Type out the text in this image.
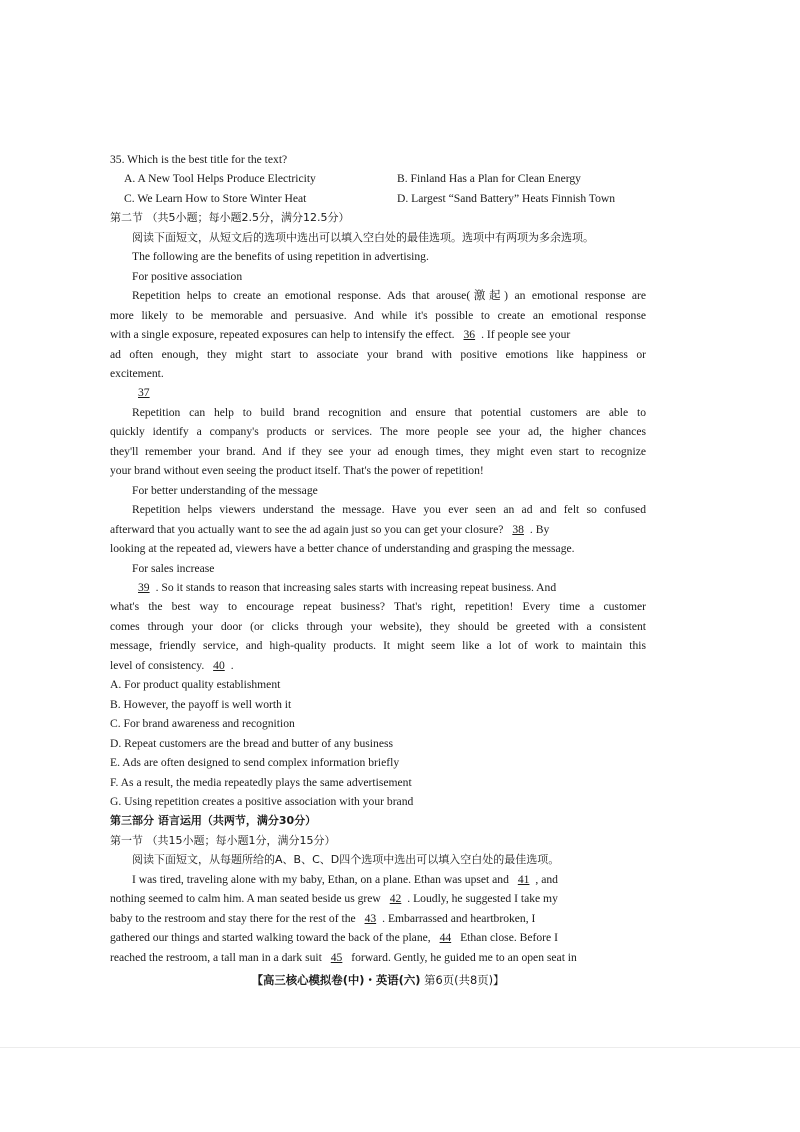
35. Which is the best title for the text?
A. A New Tool Helps Produce Electricity	B. Finland Has a Plan for Clean Energy
C. We Learn How to Store Winter Heat	D. Largest “Sand Battery” Heats Finnish Town
第二节 （共5小题；每小题2.5分，满分12.5分）
阅读下面短文，从短文后的选项中选出可以填入空白处的最佳选项。选项中有两项为多余选项。
The following are the benefits of using repetition in advertising.
For positive association
Repetition helps to create an emotional response. Ads that arouse(激起) an emotional response are
more likely to be memorable and persuasive. And while it's possible to create an emotional response
with a single exposure, repeated exposures can help to intensify the effect. 36 . If people see your
ad often enough, they might start to associate your brand with positive emotions like happiness or
excitement.
37
Repetition can help to build brand recognition and ensure that potential customers are able to
quickly identify a company's products or services. The more people see your ad, the higher chances
they'll remember your brand. And if they see your ad enough times, they might even start to recognize
your brand without even seeing the product itself. That's the power of repetition!
For better understanding of the message
Repetition helps viewers understand the message. Have you ever seen an ad and felt so confused
afterward that you actually want to see the ad again just so you can get your closure? 38 . By
looking at the repeated ad, viewers have a better chance of understanding and grasping the message.
For sales increase
39 . So it stands to reason that increasing sales starts with increasing repeat business. And
what's the best way to encourage repeat business? That's right, repetition! Every time a customer
comes through your door (or clicks through your website), they should be greeted with a consistent
message, friendly service, and high-quality products. It might seem like a lot of work to maintain this
level of consistency. 40 .
A. For product quality establishment
B. However, the payoff is well worth it
C. For brand awareness and recognition
D. Repeat customers are the bread and butter of any business
E. Ads are often designed to send complex information briefly
F. As a result, the media repeatedly plays the same advertisement
G. Using repetition creates a positive association with your brand
第三部分 语言运用（共两节，满分30分）
第一节 （共15小题；每小题1分，满分15分）
阅读下面短文，从每题所给的A、B、C、D四个选项中选出可以填入空白处的最佳选项。
I was tired, traveling alone with my baby, Ethan, on a plane. Ethan was upset and 41 , and
nothing seemed to calm him. A man seated beside us grew 42 . Loudly, he suggested I take my
baby to the restroom and stay there for the rest of the 43 . Embarrassed and heartbroken, I
gathered our things and started walking toward the back of the plane, 44 Ethan close. Before I
reached the restroom, a tall man in a dark suit 45 forward. Gently, he guided me to an open seat in
【高三核心模拟卷(中)・英语(六) 第6页(共8页)】
